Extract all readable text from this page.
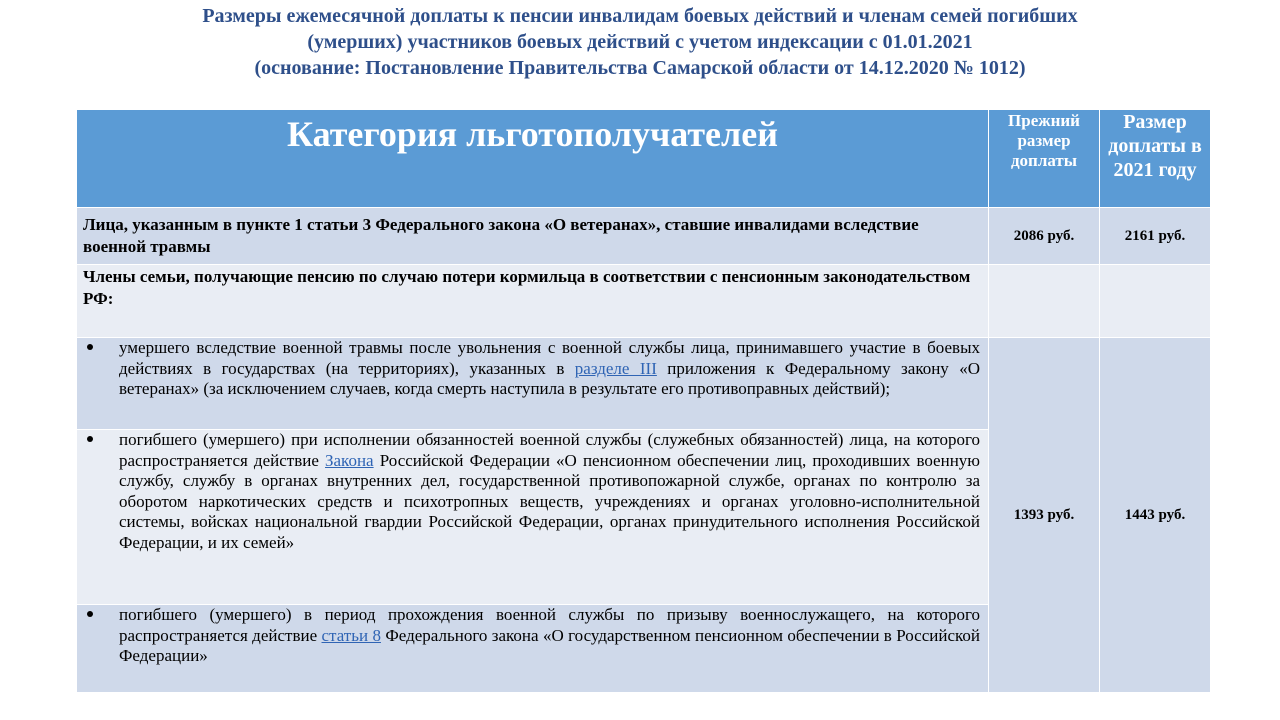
Размеры ежемесячной доплаты к пенсии инвалидам боевых действий и членам семей погибших
(умерших) участников боевых действий с учетом индексации с 01.01.2021
(основание: Постановление Правительства Самарской области от 14.12.2020 № 1012)
Категория льготополучателей	Прежний размер доплаты	Размер доплаты в 2021 году
Лица, указанным в пункте 1 статьи 3 Федерального закона «О ветеранах», ставшие инвалидами вследствие военной травмы	2086 руб.	2161 руб.
Члены семьи, получающие пенсию по случаю потери кормильца в соответствии с пенсионным законодательством РФ:		

умершего вследствие военной травмы после увольнения с военной службы лица, принимавшего участие в боевых действиях в государствах (на территориях), указанных в разделе III приложения к Федеральному закону «О ветеранах» (за исключением случаев, когда смерть наступила в результате его противоправных действий);	1393 руб.	1443 руб.

погибшего (умершего) при исполнении обязанностей военной службы (служебных обязанностей) лица, на которого распространяется действие Закона Российской Федерации «О пенсионном обеспечении лиц, проходивших военную службу, службу в органах внутренних дел, государственной противопожарной службе, органах по контролю за оборотом наркотических средств и психотропных веществ, учреждениях и органах уголовно-исполнительной системы, войсках национальной гвардии Российской Федерации, органах принудительного исполнения Российской Федерации, и их семей»		

погибшего (умершего) в период прохождения военной службы по призыву военнослужащего, на которого распространяется действие статьи 8 Федерального закона «О государственном пенсионном обеспечении в Российской Федерации»		
